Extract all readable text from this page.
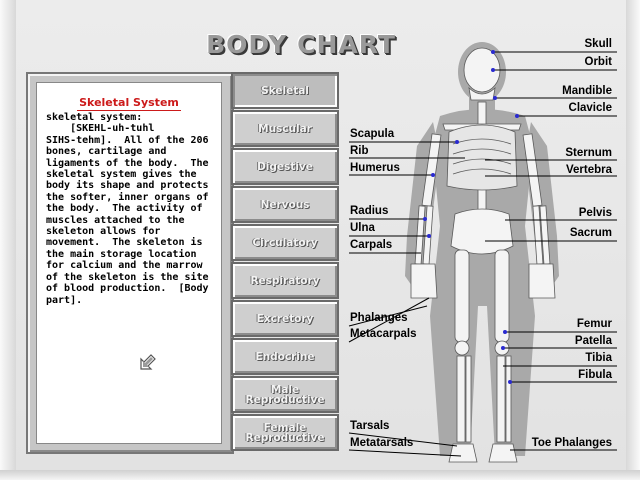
BODY CHART
Skeletal System
skeletal system:
[SKEHL-uh-tuhl
SIHS-tehm].  All of the 206
bones, cartilage and
ligaments of the body.  The
skeletal system gives the
body its shape and protects
the softer, inner organs of
the body.  The activity of
muscles attached to the
skeleton allows for
movement.  The skeleton is
the main storage location
for calcium and the marrow
of the skeleton is the site
of blood production.  [Body
part].
Skeletal
Muscular
Digestive
Nervous
Circulatory
Respiratory
Excretory
Endocrine
Male
Reproductive
Female
Reproductive
Skull
Orbit
Mandible
Clavicle
Sternum
Vertebra
Pelvis
Sacrum
Femur
Patella
Tibia
Fibula
Toe Phalanges
Scapula
Rib
Humerus
Radius
Ulna
Carpals
Phalanges
Metacarpals
Tarsals
Metatarsals
